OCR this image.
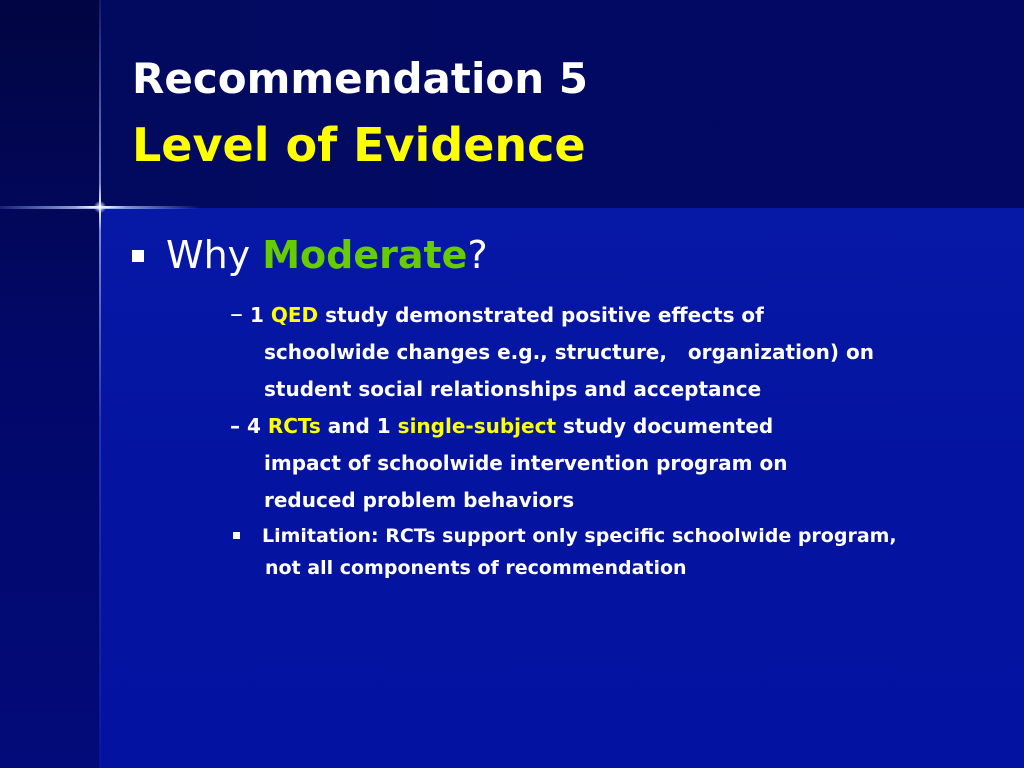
Recommendation 5
Level of Evidence
Why Moderate?
– 1 QED study demonstrated positive effects of
schoolwide changes e.g., structure,   organization) on
student social relationships and acceptance
– 4 RCTs and 1 single-subject study documented
impact of schoolwide intervention program on
reduced problem behaviors
Limitation: RCTs support only specific schoolwide program,
not all components of recommendation
